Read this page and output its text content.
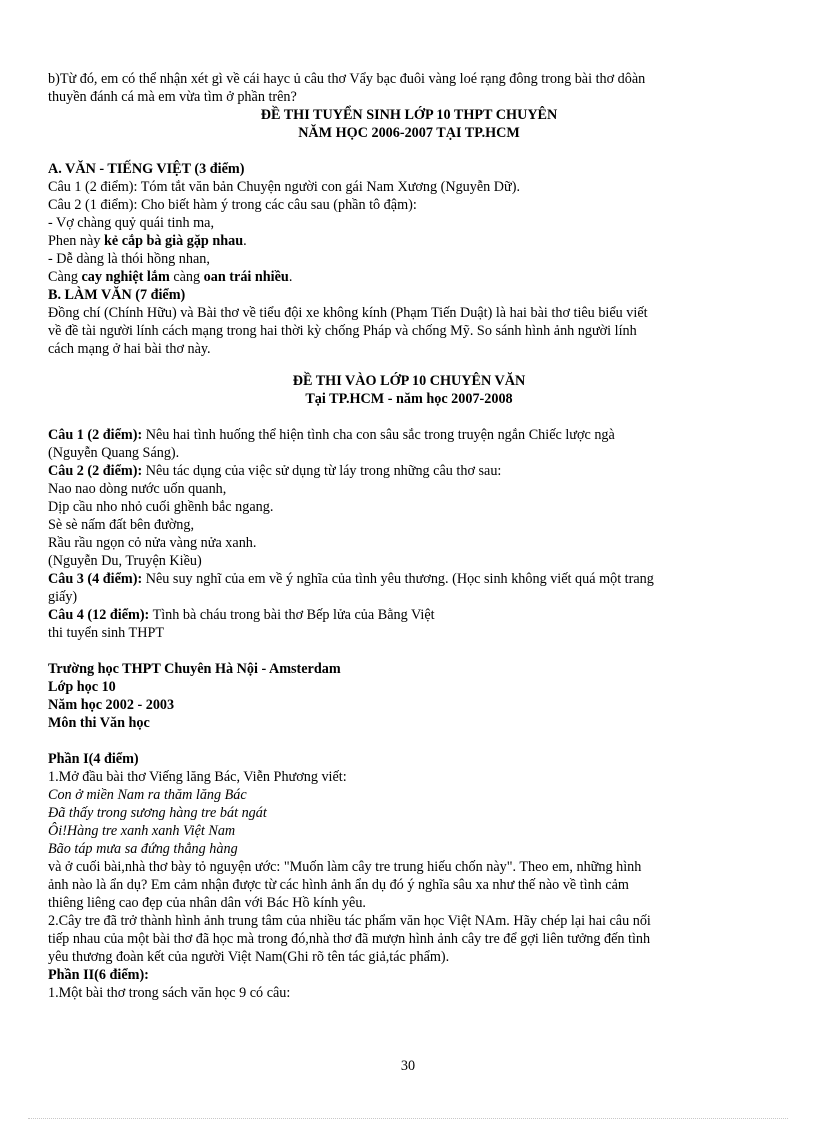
b)Từ đó, em có thể nhận xét gì về cái hayc ủ câu thơ Vẩy bạc đuôi vàng loé rạng đông trong bài thơ dôàn
thuyền đánh cá mà em vừa tìm ở phần trên?
ĐỀ THI TUYỂN SINH LỚP 10 THPT CHUYÊN
NĂM HỌC 2006-2007 TẠI TP.HCM
A. VĂN - TIẾNG VIỆT (3 điểm)
Câu 1 (2 điểm): Tóm tắt văn bản Chuyện người con gái Nam Xương (Nguyễn Dữ).
Câu 2 (1 điểm): Cho biết hàm ý trong các câu sau (phần tô đậm):
- Vợ chàng quỷ quái tinh ma,
Phen này kẻ cắp bà già gặp nhau.
- Dễ dàng là thói hồng nhan,
Càng cay nghiệt lắm càng oan trái nhiều.
B. LÀM VĂN (7 điểm)
Đồng chí (Chính Hữu) và Bài thơ về tiểu đội xe không kính (Phạm Tiến Duật) là hai bài thơ tiêu biểu viết
về đề tài người lính cách mạng trong hai thời kỳ chống Pháp và chống Mỹ. So sánh hình ảnh người lính
cách mạng ở hai bài thơ này.
ĐỀ THI VÀO LỚP 10 CHUYÊN VĂN
Tại TP.HCM - năm học 2007-2008
Câu 1 (2 điểm): Nêu hai tình huống thể hiện tình cha con sâu sắc trong truyện ngắn Chiếc lược ngà
(Nguyễn Quang Sáng).
Câu 2 (2 điểm): Nêu tác dụng của việc sử dụng từ láy trong những câu thơ sau:
Nao nao dòng nước uốn quanh,
Dịp cầu nho nhỏ cuối ghềnh bắc ngang.
Sè sè nấm đất bên đường,
Rầu rầu ngọn cỏ nửa vàng nửa xanh.
(Nguyễn Du, Truyện Kiều)
Câu 3 (4 điểm): Nêu suy nghĩ của em về ý nghĩa của tình yêu thương. (Học sinh không viết quá một trang
giấy)
Câu 4 (12 điểm): Tình bà cháu trong bài thơ Bếp lửa của Bằng Việt
thi tuyển sinh THPT
Trường học THPT Chuyên Hà Nội - Amsterdam
Lớp học 10
Năm học 2002 - 2003
Môn thi Văn học
Phần I(4 điểm)
1.Mở đầu bài thơ Viếng lăng Bác, Viễn Phương viết:
Con ở miền Nam ra thăm lăng Bác
Đã thấy trong sương hàng tre bát ngát
Ôi!Hàng tre xanh xanh Việt Nam
Bão táp mưa sa đứng thẳng hàng
và ở cuối bài,nhà thơ bày tỏ nguyện ước: "Muốn làm cây tre trung hiếu chốn này". Theo em, những hình
ảnh nào là ẩn dụ? Em cảm nhận được từ các hình ảnh ẩn dụ đó ý nghĩa sâu xa như thế nào về tình cảm
thiêng liêng cao đẹp của nhân dân với Bác Hồ kính yêu.
2.Cây tre đã trở thành hình ảnh trung tâm của nhiều tác phẩm văn học Việt NAm. Hãy chép lại hai câu nối
tiếp nhau của một bài thơ đã học mà trong đó,nhà thơ đã mượn hình ảnh cây tre để gợi liên tưởng đến tình
yêu thương đoàn kết của người Việt Nam(Ghi rõ tên tác giả,tác phẩm).
Phần II(6 điểm):
1.Một bài thơ trong sách văn học 9 có câu:
30
